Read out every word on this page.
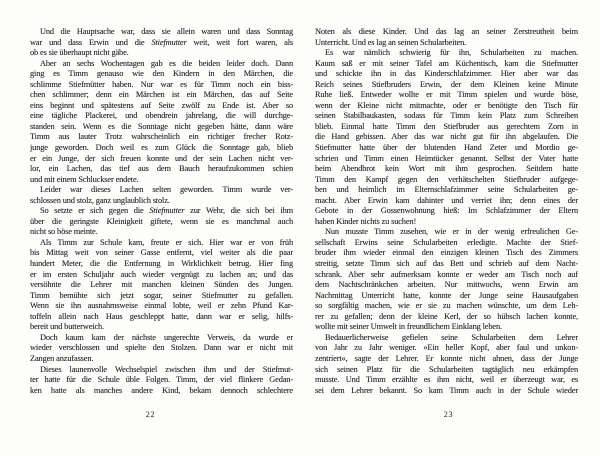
Und die Hauptsache war, dass sie allein waren und dass Sonntag
war und dass Erwin und die Stiefmutter weit, weit fort waren, als
ob es sie überhaupt nicht gäbe.
Aber an sechs Wochentagen gab es die beiden leider doch. Dann
ging es Timm genauso wie den Kindern in den Märchen, die
schlimme Stiefmütter haben. Nur war es für Timm noch ein biss-
chen schlimmer; denn ein Märchen ist ein Märchen, das auf Seite
eins beginnt und spätestens auf Seite zwölf zu Ende ist. Aber so
eine tägliche Plackerei, und obendrein jahrelang, die will durchge-
standen sein. Wenn es die Sonntage nicht gegeben hätte, dann wäre
Timm aus lauter Trotz wahrscheinlich ein richtiger frecher Rotz-
junge geworden. Doch weil es zum Glück die Sonntage gab, blieb
er ein Junge, der sich freuen konnte und der sein Lachen nicht ver-
lor, ein Lachen, das tief aus dem Bauch heraufzukommen schien
und mit einem Schluckser endete.
Leider war dieses Lachen selten geworden. Timm wurde ver-
schlossen und stolz, ganz unglaublich stolz.
So setzte er sich gegen die Stiefmutter zur Wehr, die sich bei ihm
über die geringste Kleinigkeit giftete, wenn sie es manchmal auch
nicht so böse meinte.
Als Timm zur Schule kam, freute er sich. Hier war er von früh
bis Mittag weit von seiner Gasse entfernt, viel weiter als die paar
hundert Meter, die die Entfernung in Wirklichkeit betrug. Hier fing
er im ersten Schuljahr auch wieder vergnügt zu lachen an; und das
versöhnte die Lehrer mit manchen kleinen Sünden des Jungen.
Timm bemühte sich jetzt sogar, seiner Stiefmutter zu gefallen.
Wenn sie ihn ausnahmsweise einmal lobte, weil er zehn Pfund Kar-
toffeln allein nach Haus geschleppt hatte, dann war er selig, hilfs-
bereit und butterweich.
Doch kaum kam der nächste ungerechte Verweis, da wurde er
wieder verschlossen und spielte den Stolzen. Dann war er nicht mit
Zangen anzufassen.
Dieses launenvolle Wechselspiel zwischen ihm und der Stiefmut-
ter hatte für die Schule üble Folgen. Timm, der viel flinkere Gedan-
ken hatte als manches andere Kind, bekam dennoch schlechtere
22
Noten als diese Kinder. Und das lag an seiner Zerstreutheit beim
Unterricht. Und es lag an seinen Schularbeiten.
Es war nämlich schwierig für ihn, Schularbeiten zu machen.
Kaum saß er mit seiner Tafel am Küchentisch, kam die Stiefmutter
und schickte ihn in das Kinderschlafzimmer. Hier aber war das
Reich seines Stiefbruders Erwin, der dem Kleinen keine Minute
Ruhe ließ. Entweder wollte er mit Timm spielen und wurde böse,
wenn der Kleine nicht mitmachte, oder er benötigte den Tisch für
seinen Stabilbaukasten, sodass für Timm kein Platz zum Schreiben
blieb. Einmal hatte Timm den Stiefbruder aus gerechtem Zorn in
die Hand gebissen. Aber das war nicht gut für ihn abgelaufen. Die
Stiefmutter hatte über der blutenden Hand Zeter und Mordio ge-
schrien und Timm einen Heimtücker genannt. Selbst der Vater hatte
beim Abendbrot kein Wort mit ihm gesprochen. Seitdem hatte
Timm den Kampf gegen den verhätschelten Stiefbruder aufgege-
ben und heimlich im Elternschlafzimmer seine Schularbeiten ge-
macht. Aber Erwin kam dahinter und verriet ihn; denn eines der
Gebote in der Gossenwohnung hieß: Im Schlafzimmer der Eltern
haben Kinder nichts zu suchen!
Nun musste Timm zusehen, wie er in der wenig erfreulichen Ge-
sellschaft Erwins seine Schularbeiten erledigte. Machte der Stief-
bruder ihm wieder einmal den einzigen kleinen Tisch des Zimmers
streitig, setzte Timm sich auf das Bett und schrieb auf dem Nacht-
schrank. Aber sehr aufmerksam konnte er weder am Tisch noch auf
dem Nachtschränkchen arbeiten. Nur mittwochs, wenn Erwin am
Nachmittag Unterricht hatte, konnte der Junge seine Hausaufgaben
so sorgfältig machen, wie er sie zu machen wünschte, um dem Leh-
rer zu gefallen; denn der kleine Kerl, der so hübsch lachen konnte,
wollte mit seiner Umwelt in freundlichem Einklang leben.
Bedauerlicherweise gefielen seine Schularbeiten dem Lehrer
von Jahr zu Jahr weniger. »Ein heller Kopf, aber faul und unkon-
zentriert«, sagte der Lehrer. Er konnte nicht ahnen, dass der Junge
sich seinen Platz für die Schularbeiten tagtäglich neu erkämpfen
musste. Und Timm erzählte es ihm nicht, weil er überzeugt war, es
sei dem Lehrer bekannt. So kam Timm auch in der Schule wieder
23
